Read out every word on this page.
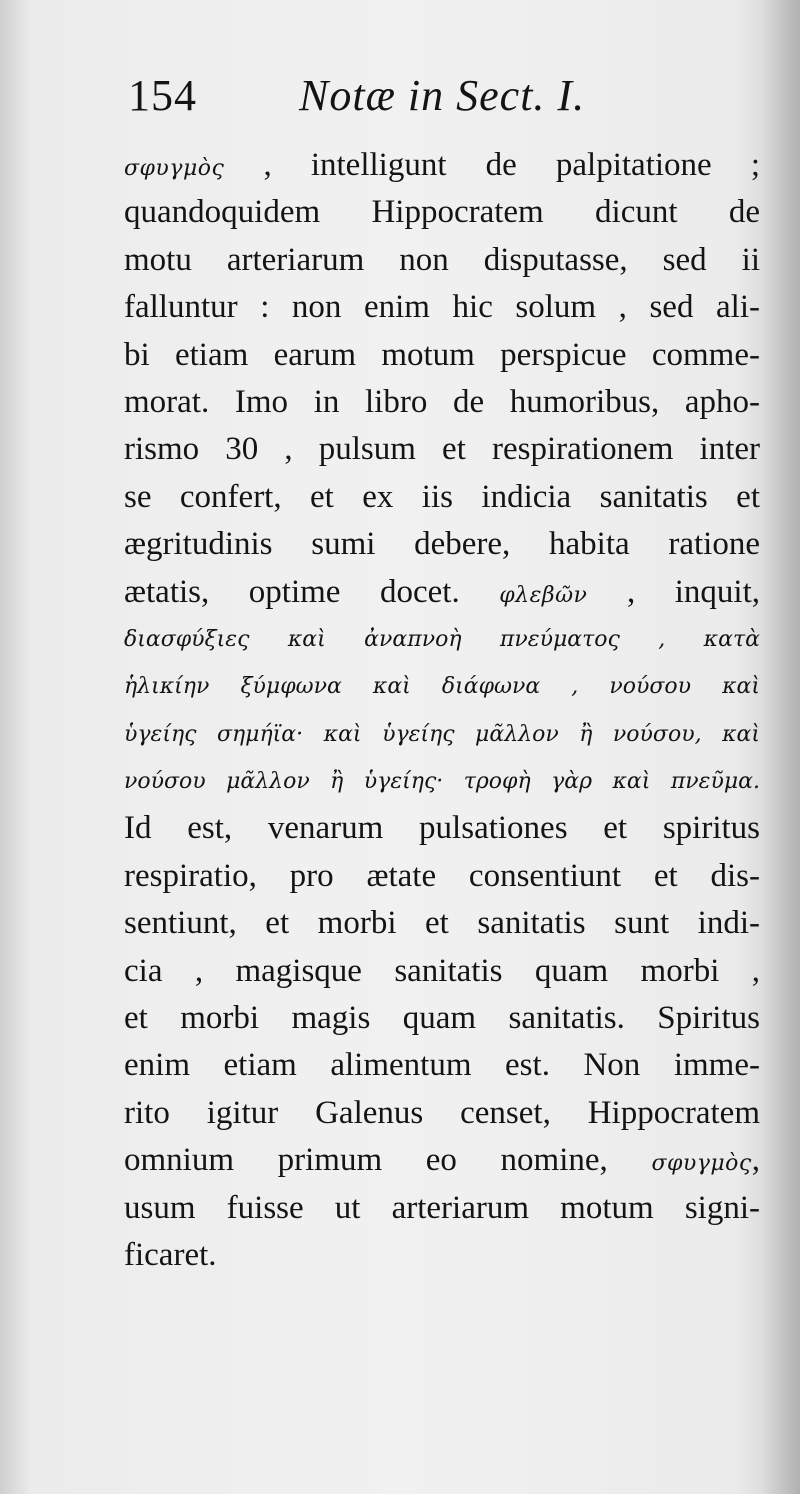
154 Notæ in Sect. I.
σφυγμὸς , intelligunt de palpitatione ;
quandoquidem Hippocratem dicunt de
motu arteriarum non disputasse, sed ii
falluntur : non enim hic solum , sed ali-
bi etiam earum motum perspicue comme-
morat. Imo in libro de humoribus, apho-
rismo 30 , pulsum et respirationem inter
se confert, et ex iis indicia sanitatis et
ægritudinis sumi debere, habita ratione
ætatis, optime docet. φλεβῶν , inquit,
διασφύξιες καὶ ἀναπνοὴ πνεύματος , κατὰ
ἡλικίην ξύμφωνα καὶ διάφωνα , νούσου καὶ
ὑγείης σημήϊα· καὶ ὑγείης μᾶλλον ἢ νούσου, καὶ
νούσου μᾶλλον ἢ ὑγείης· τροφὴ γὰρ καὶ πνεῦμα.
Id est, venarum pulsationes et spiritus
respiratio, pro ætate consentiunt et dis-
sentiunt, et morbi et sanitatis sunt indi-
cia , magisque sanitatis quam morbi ,
et morbi magis quam sanitatis. Spiritus
enim etiam alimentum est. Non imme-
rito igitur Galenus censet, Hippocratem
omnium primum eo nomine, σφυγμὸς,
usum fuisse ut arteriarum motum signi-
ficaret.
